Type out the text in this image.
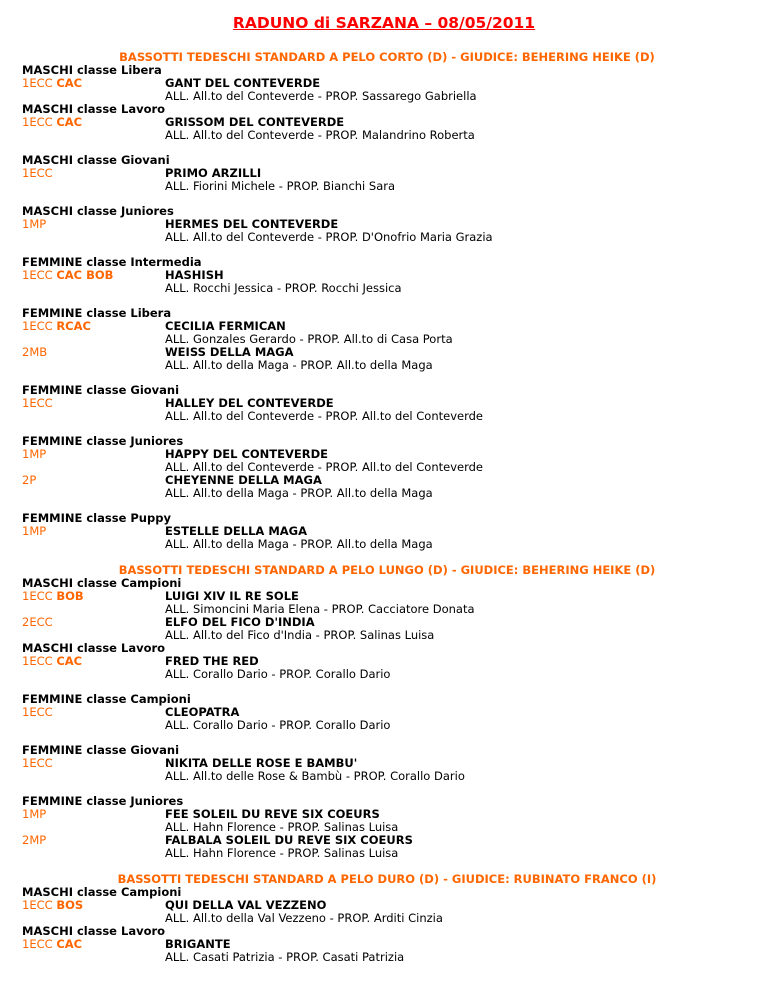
RADUNO di SARZANA – 08/05/2011
BASSOTTI TEDESCHI STANDARD A PELO CORTO (D) - GIUDICE: BEHERING HEIKE (D)
MASCHI classe Libera
1ECC CAC	GANT DEL CONTEVERDE
ALL. All.to del Conteverde - PROP. Sassarego Gabriella
MASCHI classe Lavoro
1ECC CAC	GRISSOM DEL CONTEVERDE
ALL. All.to del Conteverde - PROP. Malandrino Roberta
MASCHI classe Giovani
1ECC	PRIMO ARZILLI
ALL. Fiorini Michele - PROP. Bianchi Sara
MASCHI classe Juniores
1MP	HERMES DEL CONTEVERDE
ALL. All.to del Conteverde - PROP. D'Onofrio Maria Grazia
FEMMINE classe Intermedia
1ECC CAC BOB	HASHISH
ALL. Rocchi Jessica - PROP. Rocchi Jessica
FEMMINE classe Libera
1ECC RCAC	CECILIA FERMICAN
ALL. Gonzales Gerardo - PROP. All.to di Casa Porta
2MB	WEISS DELLA MAGA
ALL. All.to della Maga - PROP. All.to della Maga
FEMMINE classe Giovani
1ECC	HALLEY DEL CONTEVERDE
ALL. All.to del Conteverde - PROP. All.to del Conteverde
FEMMINE classe Juniores
1MP	HAPPY DEL CONTEVERDE
ALL. All.to del Conteverde - PROP. All.to del Conteverde
2P	CHEYENNE DELLA MAGA
ALL. All.to della Maga - PROP. All.to della Maga
FEMMINE classe Puppy
1MP	ESTELLE DELLA MAGA
ALL. All.to della Maga - PROP. All.to della Maga
BASSOTTI TEDESCHI STANDARD A PELO LUNGO (D) - GIUDICE: BEHERING HEIKE (D)
MASCHI classe Campioni
1ECC BOB	LUIGI XIV IL RE SOLE
ALL. Simoncini Maria Elena - PROP. Cacciatore Donata
2ECC	ELFO DEL FICO D'INDIA
ALL. All.to del Fico d'India - PROP. Salinas Luisa
MASCHI classe Lavoro
1ECC CAC	FRED THE RED
ALL. Corallo Dario - PROP. Corallo Dario
FEMMINE classe Campioni
1ECC	CLEOPATRA
ALL. Corallo Dario - PROP. Corallo Dario
FEMMINE classe Giovani
1ECC	NIKITA DELLE ROSE E BAMBU'
ALL. All.to delle Rose & Bambù - PROP. Corallo Dario
FEMMINE classe Juniores
1MP	FEE SOLEIL DU REVE SIX COEURS
ALL. Hahn Florence - PROP. Salinas Luisa
2MP	FALBALA SOLEIL DU REVE SIX COEURS
ALL. Hahn Florence - PROP. Salinas Luisa
BASSOTTI TEDESCHI STANDARD A PELO DURO (D) - GIUDICE: RUBINATO FRANCO (I)
MASCHI classe Campioni
1ECC BOS	QUI DELLA VAL VEZZENO
ALL. All.to della Val Vezzeno - PROP. Arditi Cinzia
MASCHI classe Lavoro
1ECC CAC	BRIGANTE
ALL. Casati Patrizia - PROP. Casati Patrizia
